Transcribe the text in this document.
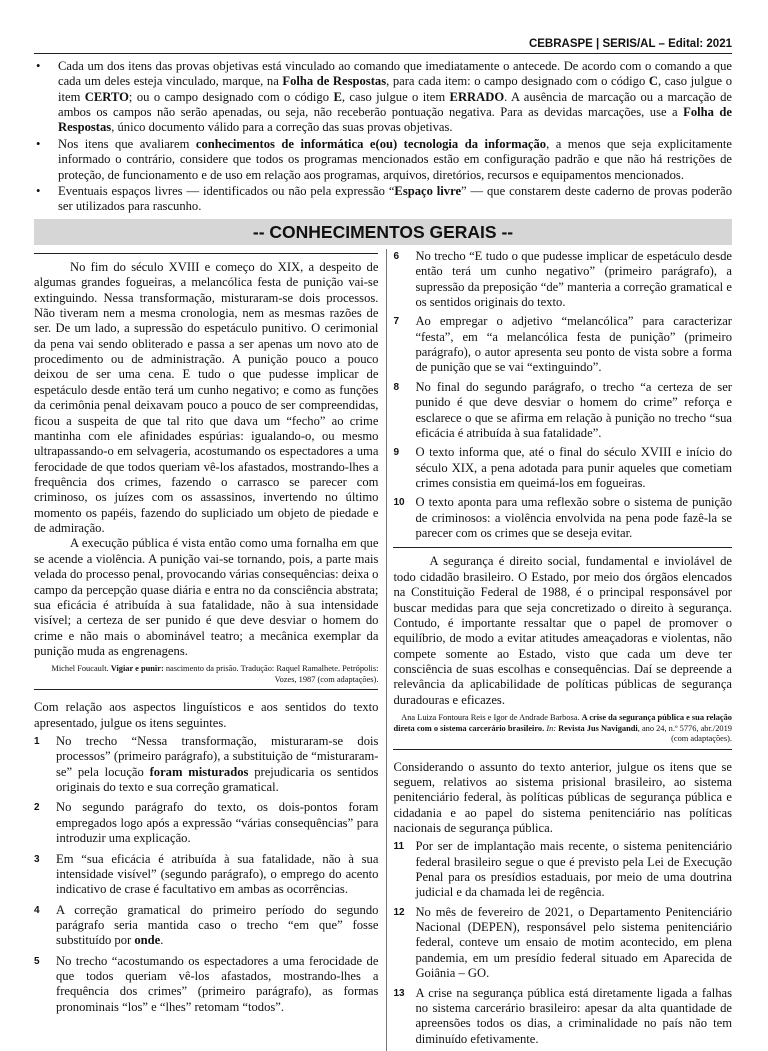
CEBRASPE | SERIS/AL – Edital: 2021
• Cada um dos itens das provas objetivas está vinculado ao comando que imediatamente o antecede. De acordo com o comando a que cada um deles esteja vinculado, marque, na Folha de Respostas, para cada item: o campo designado com o código C, caso julgue o item CERTO; ou o campo designado com o código E, caso julgue o item ERRADO. A ausência de marcação ou a marcação de ambos os campos não serão apenadas, ou seja, não receberão pontuação negativa. Para as devidas marcações, use a Folha de Respostas, único documento válido para a correção das suas provas objetivas.
• Nos itens que avaliarem conhecimentos de informática e(ou) tecnologia da informação, a menos que seja explicitamente informado o contrário, considere que todos os programas mencionados estão em configuração padrão e que não há restrições de proteção, de funcionamento e de uso em relação aos programas, arquivos, diretórios, recursos e equipamentos mencionados.
• Eventuais espaços livres — identificados ou não pela expressão “Espaço livre” — que constarem deste caderno de provas poderão ser utilizados para rascunho.
-- CONHECIMENTOS GERAIS --

No fim do século XVIII e começo do XIX, a despeito de algumas grandes fogueiras, a melancólica festa de punição vai-se extinguindo. Nessa transformação, misturaram-se dois processos. Não tiveram nem a mesma cronologia, nem as mesmas razões de ser. De um lado, a supressão do espetáculo punitivo. O cerimonial da pena vai sendo obliterado e passa a ser apenas um novo ato de procedimento ou de administração. A punição pouco a pouco deixou de ser uma cena. E tudo o que pudesse implicar de espetáculo desde então terá um cunho negativo; e como as funções da cerimônia penal deixavam pouco a pouco de ser compreendidas, ficou a suspeita de que tal rito que dava um “fecho” ao crime mantinha com ele afinidades espúrias: igualando-o, ou mesmo ultrapassando-o em selvageria, acostumando os espectadores a uma ferocidade de que todos queriam vê-los afastados, mostrando-lhes a frequência dos crimes, fazendo o carrasco se parecer com criminoso, os juízes com os assassinos, invertendo no último momento os papéis, fazendo do supliciado um objeto de piedade e de admiração.

A execução pública é vista então como uma fornalha em que se acende a violência. A punição vai-se tornando, pois, a parte mais velada do processo penal, provocando várias consequências: deixa o campo da percepção quase diária e entra no da consciência abstrata; sua eficácia é atribuída à sua fatalidade, não à sua intensidade visível; a certeza de ser punido é que deve desviar o homem do crime e não mais o abominável teatro; a mecânica exemplar da punição muda as engrenagens.

Michel Foucault. Vigiar e punir: nascimento da prisão. Tradução: Raquel Ramalhete. Petrópolis: Vozes, 1987 (com adaptações).
Com relação aos aspectos linguísticos e aos sentidos do texto apresentado, julgue os itens seguintes.
1	No trecho “Nessa transformação, misturaram-se dois processos” (primeiro parágrafo), a substituição de “misturaram-se” pela locução foram misturados prejudicaria os sentidos originais do texto e sua correção gramatical.
2	No segundo parágrafo do texto, os dois-pontos foram empregados logo após a expressão “várias consequências” para introduzir uma explicação.
3	Em “sua eficácia é atribuída à sua fatalidade, não à sua intensidade visível” (segundo parágrafo), o emprego do acento indicativo de crase é facultativo em ambas as ocorrências.
4	A correção gramatical do primeiro período do segundo parágrafo seria mantida caso o trecho “em que” fosse substituído por onde.
5	No trecho “acostumando os espectadores a uma ferocidade de que todos queriam vê-los afastados, mostrando-lhes a frequência dos crimes” (primeiro parágrafo), as formas pronominais “los” e “lhes” retomam “todos”.
6	No trecho “E tudo o que pudesse implicar de espetáculo desde então terá um cunho negativo” (primeiro parágrafo), a supressão da preposição “de” manteria a correção gramatical e os sentidos originais do texto.
7	Ao empregar o adjetivo “melancólica” para caracterizar “festa”, em “a melancólica festa de punição” (primeiro parágrafo), o autor apresenta seu ponto de vista sobre a forma de punição que se vai “extinguindo”.
8	No final do segundo parágrafo, o trecho “a certeza de ser punido é que deve desviar o homem do crime” reforça e esclarece o que se afirma em relação à punição no trecho “sua eficácia é atribuída à sua fatalidade”.
9	O texto informa que, até o final do século XVIII e início do século XIX, a pena adotada para punir aqueles que cometiam crimes consistia em queimá-los em fogueiras.
10 O texto aponta para uma reflexão sobre o sistema de punição de criminosos: a violência envolvida na pena pode fazê-la se parecer com os crimes que se deseja evitar.

A segurança é direito social, fundamental e inviolável de todo cidadão brasileiro. O Estado, por meio dos órgãos elencados na Constituição Federal de 1988, é o principal responsável por buscar medidas para que seja concretizado o direito à segurança. Contudo, é importante ressaltar que o papel de promover o equilíbrio, de modo a evitar atitudes ameaçadoras e violentas, não compete somente ao Estado, visto que cada um deve ter consciência de suas escolhas e consequências. Daí se depreende a relevância da aplicabilidade de políticas públicas de segurança duradouras e eficazes.

Ana Luiza Fontoura Reis e Igor de Andrade Barbosa. A crise da segurança pública e sua relação direta com o sistema carcerário brasileiro. In: Revista Jus Navigandi, ano 24, n.º 5776, abr./2019 (com adaptações).
Considerando o assunto do texto anterior, julgue os itens que se seguem, relativos ao sistema prisional brasileiro, ao sistema penitenciário federal, às políticas públicas de segurança pública e cidadania e ao papel do sistema penitenciário nas políticas nacionais de segurança pública.
11 Por ser de implantação mais recente, o sistema penitenciário federal brasileiro segue o que é previsto pela Lei de Execução Penal para os presídios estaduais, por meio de uma doutrina judicial e da chamada lei de regência.
12 No mês de fevereiro de 2021, o Departamento Penitenciário Nacional (DEPEN), responsável pelo sistema penitenciário federal, conteve um ensaio de motim acontecido, em plena pandemia, em um presídio federal situado em Aparecida de Goiânia – GO.
13 A crise na segurança pública está diretamente ligada a falhas no sistema carcerário brasileiro: apesar da alta quantidade de apreensões todos os dias, a criminalidade no país não tem diminuído efetivamente.
